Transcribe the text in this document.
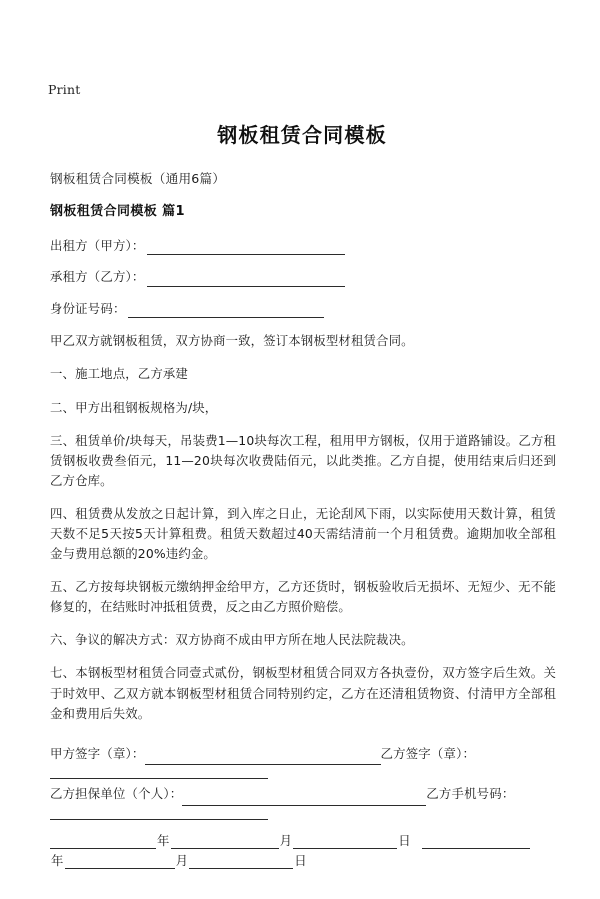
Print
钢板租赁合同模板

钢板租赁合同模板（通用6篇）

钢板租赁合同模板 篇1

出租方（甲方）：
承租方（乙方）：
身份证号码：

甲乙双方就钢板租赁，双方协商一致，签订本钢板型材租赁合同。

一、施工地点，乙方承建

二、甲方出租钢板规格为/块，

三、租赁单价/块每天，吊装费1—10块每次工程，租用甲方钢板，仅用于道路铺设。乙方租赁钢板收费叁佰元，11—20块每次收费陆佰元，以此类推。乙方自提，使用结束后归还到乙方仓库。

四、租赁费从发放之日起计算，到入库之日止，无论刮风下雨，以实际使用天数计算，租赁天数不足5天按5天计算租费。租赁天数超过40天需结清前一个月租赁费。逾期加收全部租金与费用总额的20%违约金。

五、乙方按每块钢板元缴纳押金给甲方，乙方还货时，钢板验收后无损坏、无短少、无不能修复的，在结账时冲抵租赁费，反之由乙方照价赔偿。

六、争议的解决方式：双方协商不成由甲方所在地人民法院裁决。

七、本钢板型材租赁合同壹式贰份，钢板型材租赁合同双方各执壹份，双方签字后生效。关于时效甲、乙双方就本钢板型材租赁合同特别约定，乙方在还清租赁物资、付清甲方全部租金和费用后失效。

甲方签字（章）：	乙方签字（章）：
乙方担保单位（个人）：	乙方手机号码：
年	月	日
年	月	日
